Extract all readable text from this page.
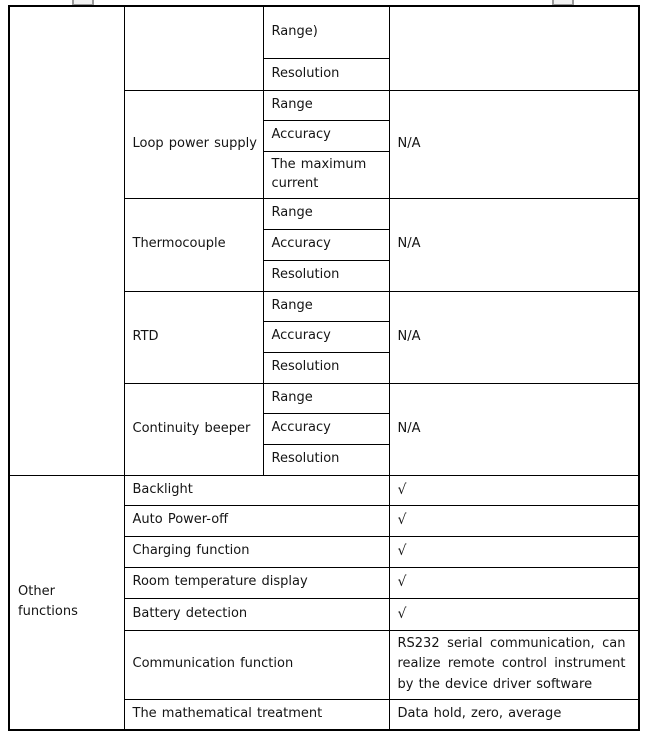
		Range)	
		Resolution	
	Loop power supply	Range	N/A
		Accuracy	
		The maximum current	
	Thermocouple	Range	N/A
		Accuracy	
		Resolution	
	RTD	Range	N/A
		Accuracy	
		Resolution	
	Continuity beeper	Range	N/A
		Accuracy	
		Resolution	

Other functions	Backlight		√
	Auto Power-off		√
	Charging function		√
	Room temperature display		√
	Battery detection		√
	Communication function		RS232 serial communication, can realize remote control instrument by the device driver software

	The mathematical treatment		Data hold, zero, average
